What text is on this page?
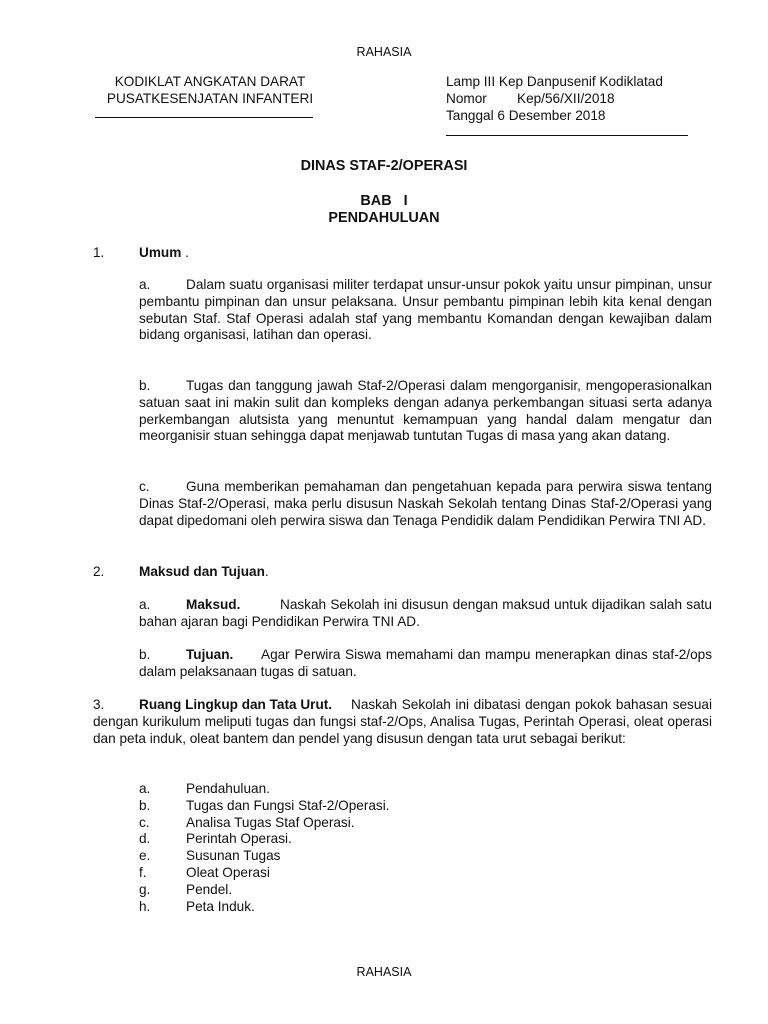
RAHASIA
KODIKLAT ANGKATAN DARAT
PUSATKESENJATAN INFANTERI
Lamp III Kep Danpusenif Kodiklatad
Nomor Kep/56/XII/2018
Tanggal 6 Desember 2018
DINAS STAF-2/OPERASI
BAB   I
PENDAHULUAN
1.	Umum .
a.	Dalam suatu organisasi militer terdapat unsur-unsur pokok yaitu unsur pimpinan, unsur pembantu pimpinan dan unsur pelaksana. Unsur pembantu pimpinan lebih kita kenal dengan sebutan Staf. Staf Operasi adalah staf yang membantu Komandan dengan kewajiban dalam bidang organisasi, latihan dan operasi.
b.	Tugas dan tanggung jawah Staf-2/Operasi dalam mengorganisir, mengoperasionalkan satuan saat ini makin sulit dan kompleks dengan adanya perkembangan situasi serta adanya perkembangan alutsista yang menuntut kemampuan yang handal dalam mengatur dan meorganisir stuan sehingga dapat menjawab tuntutan Tugas di masa yang akan datang.
c.	Guna memberikan pemahaman dan pengetahuan kepada para perwira siswa tentang Dinas Staf-2/Operasi, maka perlu disusun Naskah Sekolah tentang Dinas Staf-2/Operasi yang dapat dipedomani oleh perwira siswa dan Tenaga Pendidik dalam Pendidikan Perwira TNI AD.
2.	Maksud dan Tujuan.
a.	Maksud.	Naskah Sekolah ini disusun dengan maksud untuk dijadikan salah satu bahan ajaran bagi Pendidikan Perwira TNI AD.
b.	Tujuan. Agar Perwira Siswa memahami dan mampu menerapkan dinas staf-2/ops dalam pelaksanaan tugas di satuan.
3.	Ruang Lingkup dan Tata Urut. Naskah Sekolah ini dibatasi dengan pokok bahasan sesuai dengan kurikulum meliputi tugas dan fungsi staf-2/Ops, Analisa Tugas, Perintah Operasi, oleat operasi dan peta induk, oleat bantem dan pendel yang disusun dengan tata urut sebagai berikut:
a.	Pendahuluan.
b.	Tugas dan Fungsi Staf-2/Operasi.
c.	Analisa Tugas Staf Operasi.
d.	Perintah Operasi.
e.	Susunan Tugas
f.	Oleat Operasi
g.	Pendel.
h.	Peta Induk.
RAHASIA
